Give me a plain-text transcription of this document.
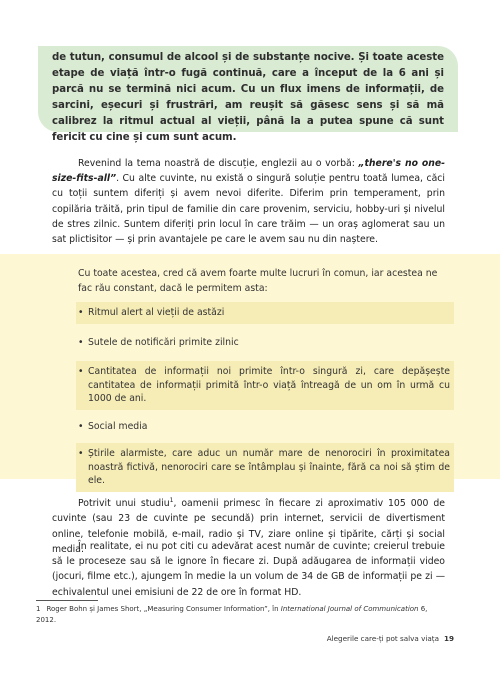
de tutun, consumul de alcool și de substanțe nocive. Și toate aceste etape de viață într-o fugă continuă, care a început de la 6 ani și parcă nu se termină nici acum. Cu un flux imens de informații, de sarcini, eșecuri și frustrări, am reușit să găsesc sens și să mă calibrez la ritmul actual al vieții, până la a putea spune că sunt fericit cu cine și cum sunt acum.
Revenind la tema noastră de discuție, englezii au o vorbă: „there's no one-size-fits-all”. Cu alte cuvinte, nu există o singură soluție pentru toată lumea, căci cu toții suntem diferiți și avem nevoi diferite. Diferim prin temperament, prin copilăria trăită, prin tipul de familie din care provenim, serviciu, hobby-uri și nivelul de stres zilnic. Suntem diferiți prin locul în care trăim — un oraș aglomerat sau un sat plictisitor — și prin avantajele pe care le avem sau nu din naștere.
Cu toate acestea, cred că avem foarte multe lucruri în comun, iar acestea ne fac rău constant, dacă le permitem asta:
• Ritmul alert al vieții de astăzi
• Sutele de notificări primite zilnic
• Cantitatea de informații noi primite într-o singură zi, care depășește cantitatea de informații primită într-o viață întreagă de un om în urmă cu 1000 de ani.
• Social media
• Știrile alarmiste, care aduc un număr mare de nenorociri în proximitatea noastră fictivă, nenorociri care se întâmplau și înainte, fără ca noi să știm de ele.
Potrivit unui studiu$^1$, oamenii primesc în fiecare zi aproximativ 105 000 de cuvinte (sau 23 de cuvinte pe secundă) prin internet, servicii de divertisment online, telefonie mobilă, e-mail, radio și TV, ziare online și tipărite, cărți și social media.
În realitate, ei nu pot citi cu adevărat acest număr de cuvinte; creierul trebuie să le proceseze sau să le ignore în fiecare zi. După adăugarea de informații video (jocuri, filme etc.), ajungem în medie la un volum de 34 de GB de informații pe zi — echivalentul unei emisiuni de 22 de ore în format HD.
1 Roger Bohn și James Short, „Measuring Consumer Information”, în International Journal of Communication 6, 2012.
Alegerile care-ți pot salva viața 19
